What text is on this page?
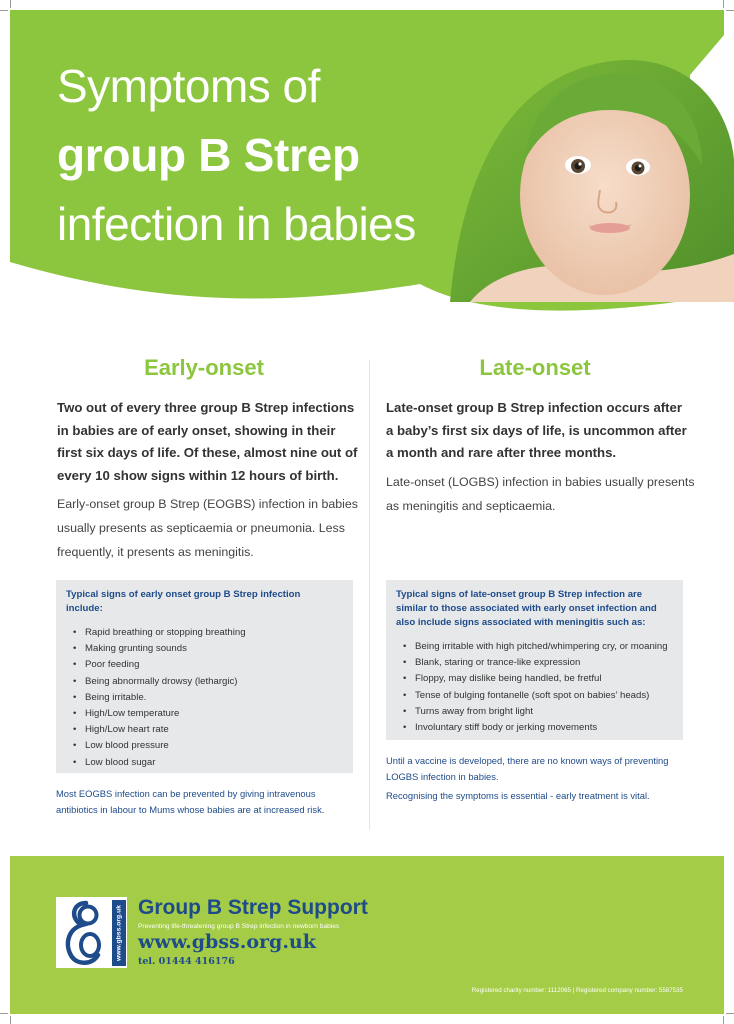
Symptoms of
group B Strep
infection in babies
Early-onset
Two out of every three group B Strep infections
in babies are of early onset, showing in their
first six days of life. Of these, almost nine out of
every 10 show signs within 12 hours of birth.
Early-onset group B Strep (EOGBS) infection in babies
usually presents as septicaemia or pneumonia. Less
frequently, it presents as meningitis.

Typical signs of early onset group B Strep infection
include:

• Rapid breathing or stopping breathing
• Making grunting sounds
• Poor feeding
• Being abnormally drowsy (lethargic)
• Being irritable.
• High/Low temperature
• High/Low heart rate
• Low blood pressure
• Low blood sugar
Most EOGBS infection can be prevented by giving intravenous
antibiotics in labour to Mums whose babies are at increased risk.
Late-onset
Late-onset group B Strep infection occurs after
a baby’s first six days of life, is uncommon after
a month and rare after three months.
Late-onset (LOGBS) infection in babies usually presents
as meningitis and septicaemia.

Typical signs of late-onset group B Strep infection are
similar to those associated with early onset infection and
also include signs associated with meningitis such as:

• Being irritable with high pitched/whimpering cry, or moaning
• Blank, staring or trance-like expression
• Floppy, may dislike being handled, be fretful
• Tense of bulging fontanelle (soft spot on babies’ heads)
• Turns away from bright light
• Involuntary stiff body or jerking movements
Until a vaccine is developed, there are no known ways of preventing
LOGBS infection in babies.

Recognising the symptoms is essential - early treatment is vital.

www.gbss.org.uk Group B Strep Support

Preventing life-threatening group B Strep infection in newborn babies

www.gbss.org.uk

tel. 01444 416176

Registered charity number: 1112065 | Registered company number: 5587535
